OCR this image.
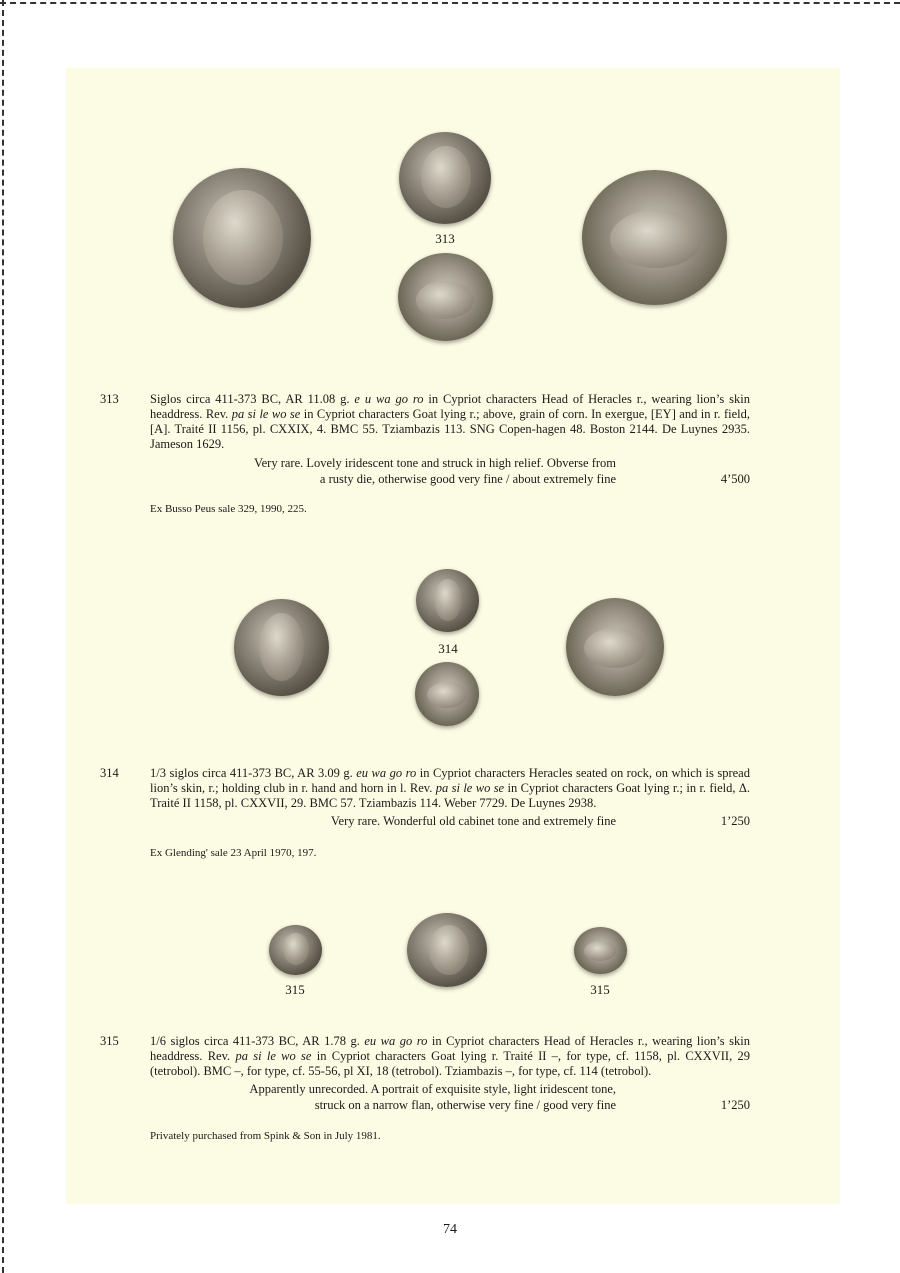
313
313	Siglos circa 411-373 BC, AR 11.08 g. e u wa go ro in Cypriot characters Head of Heracles r., wearing lion’s skin headdress. Rev. pa si le wo se in Cypriot characters Goat lying r.; above, grain of corn. In exergue, [EY] and in r. field, [A]. Traité II 1156, pl. CXXIX, 4. BMC 55. Tziambazis 113. SNG Copen-hagen 48. Boston 2144. De Luynes 2935. Jameson 1629.
Very rare. Lovely iridescent tone and struck in high relief. Obverse from
a rusty die, otherwise good very fine / about extremely fine	4’500
Ex Busso Peus sale 329, 1990, 225.
314
314	1/3 siglos circa 411-373 BC, AR 3.09 g. eu wa go ro in Cypriot characters Heracles seated on rock, on which is spread lion’s skin, r.; holding club in r. hand and horn in l. Rev. pa si le wo se in Cypriot characters Goat lying r.; in r. field, Δ. Traité II 1158, pl. CXXVII, 29. BMC 57. Tziambazis 114. Weber 7729. De Luynes 2938.
Very rare. Wonderful old cabinet tone and extremely fine	1’250
Ex Glending' sale 23 April 1970, 197.
315	315
315	1/6 siglos circa 411-373 BC, AR 1.78 g. eu wa go ro in Cypriot characters Head of Heracles r., wearing lion’s skin headdress. Rev. pa si le wo se in Cypriot characters Goat lying r. Traité II –, for type, cf. 1158, pl. CXXVII, 29 (tetrobol). BMC –, for type, cf. 55-56, pl XI, 18 (tetrobol). Tziambazis –, for type, cf. 114 (tetrobol).
Apparently unrecorded. A portrait of exquisite style, light iridescent tone,
struck on a narrow flan, otherwise very fine / good very fine	1’250
Privately purchased from Spink & Son in July 1981.
74
